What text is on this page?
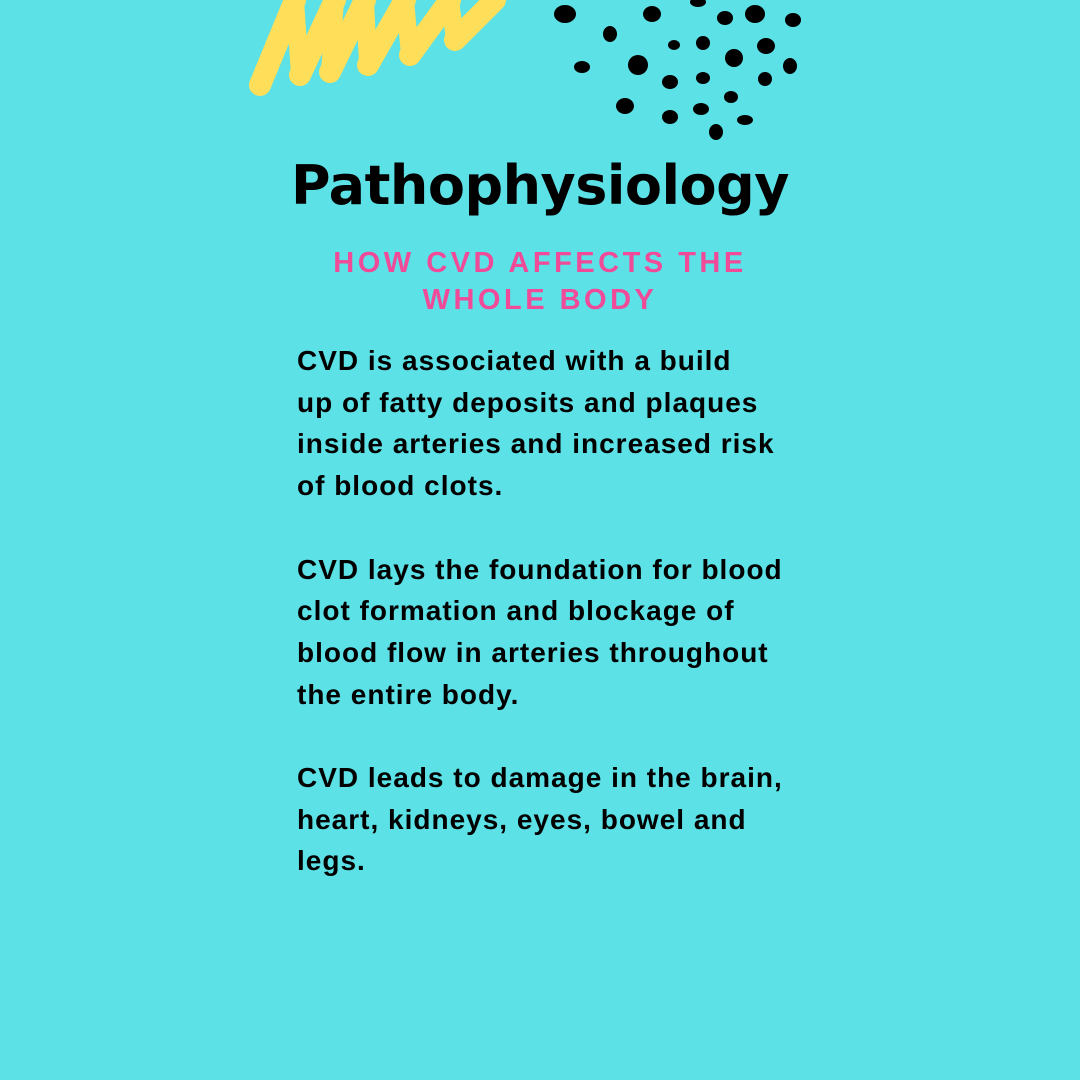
Pathophysiology

HOW CVD AFFECTS THE
WHOLE BODY

CVD is associated with a build
up of fatty deposits and plaques
inside arteries and increased risk
of blood clots.

CVD lays the foundation for blood
clot formation and blockage of
blood flow in arteries throughout
the entire body.

CVD leads to damage in the brain,
heart, kidneys, eyes, bowel and
legs.
